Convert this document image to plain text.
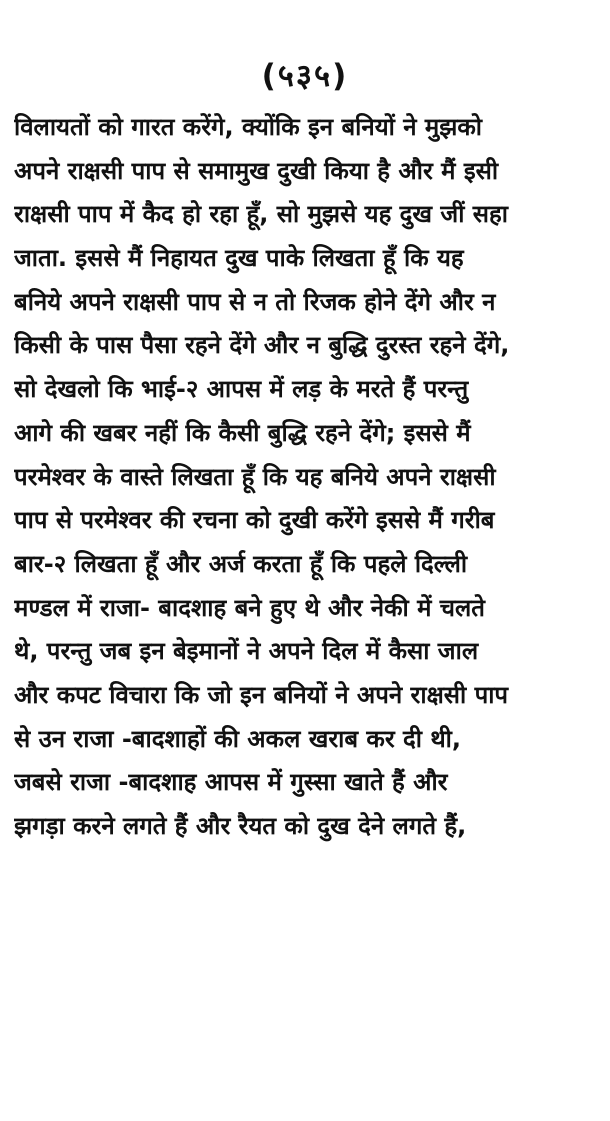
(५३५)
विलायतों को गारत करेंगे, क्योंकि इन बनियों ने मुझको
अपने राक्षसी पाप से समामुख दुखी किया है और मैं इसी
राक्षसी पाप में कैद हो रहा हूँ, सो मुझसे यह दुख जीं सहा
जाता. इससे मैं निहायत दुख पाके लिखता हूँ कि यह
बनिये अपने राक्षसी पाप से न तो रिजक होने देंगे और न
किसी के पास पैसा रहने देंगे और न बुद्धि दुरस्त रहने देंगे,
सो देखलो कि भाई-२ आपस में लड़ के मरते हैं परन्तु
आगे की खबर नहीं कि कैसी बुद्धि रहने देंगे; इससे मैं
परमेश्वर के वास्ते लिखता हूँ कि यह बनिये अपने राक्षसी
पाप से परमेश्वर की रचना को दुखी करेंगे इससे मैं गरीब
बार-२ लिखता हूँ और अर्ज करता हूँ कि पहले दिल्ली
मण्डल में राजा- बादशाह बने हुए थे और नेकी में चलते
थे, परन्तु जब इन बेइमानों ने अपने दिल में कैसा जाल
और कपट विचारा कि जो इन बनियों ने अपने राक्षसी पाप
से उन राजा -बादशाहों की अकल खराब कर दी थी,
जबसे राजा -बादशाह आपस में गुस्सा खाते हैं और
झगड़ा करने लगते हैं और रैयत को दुख देने लगते हैं,
